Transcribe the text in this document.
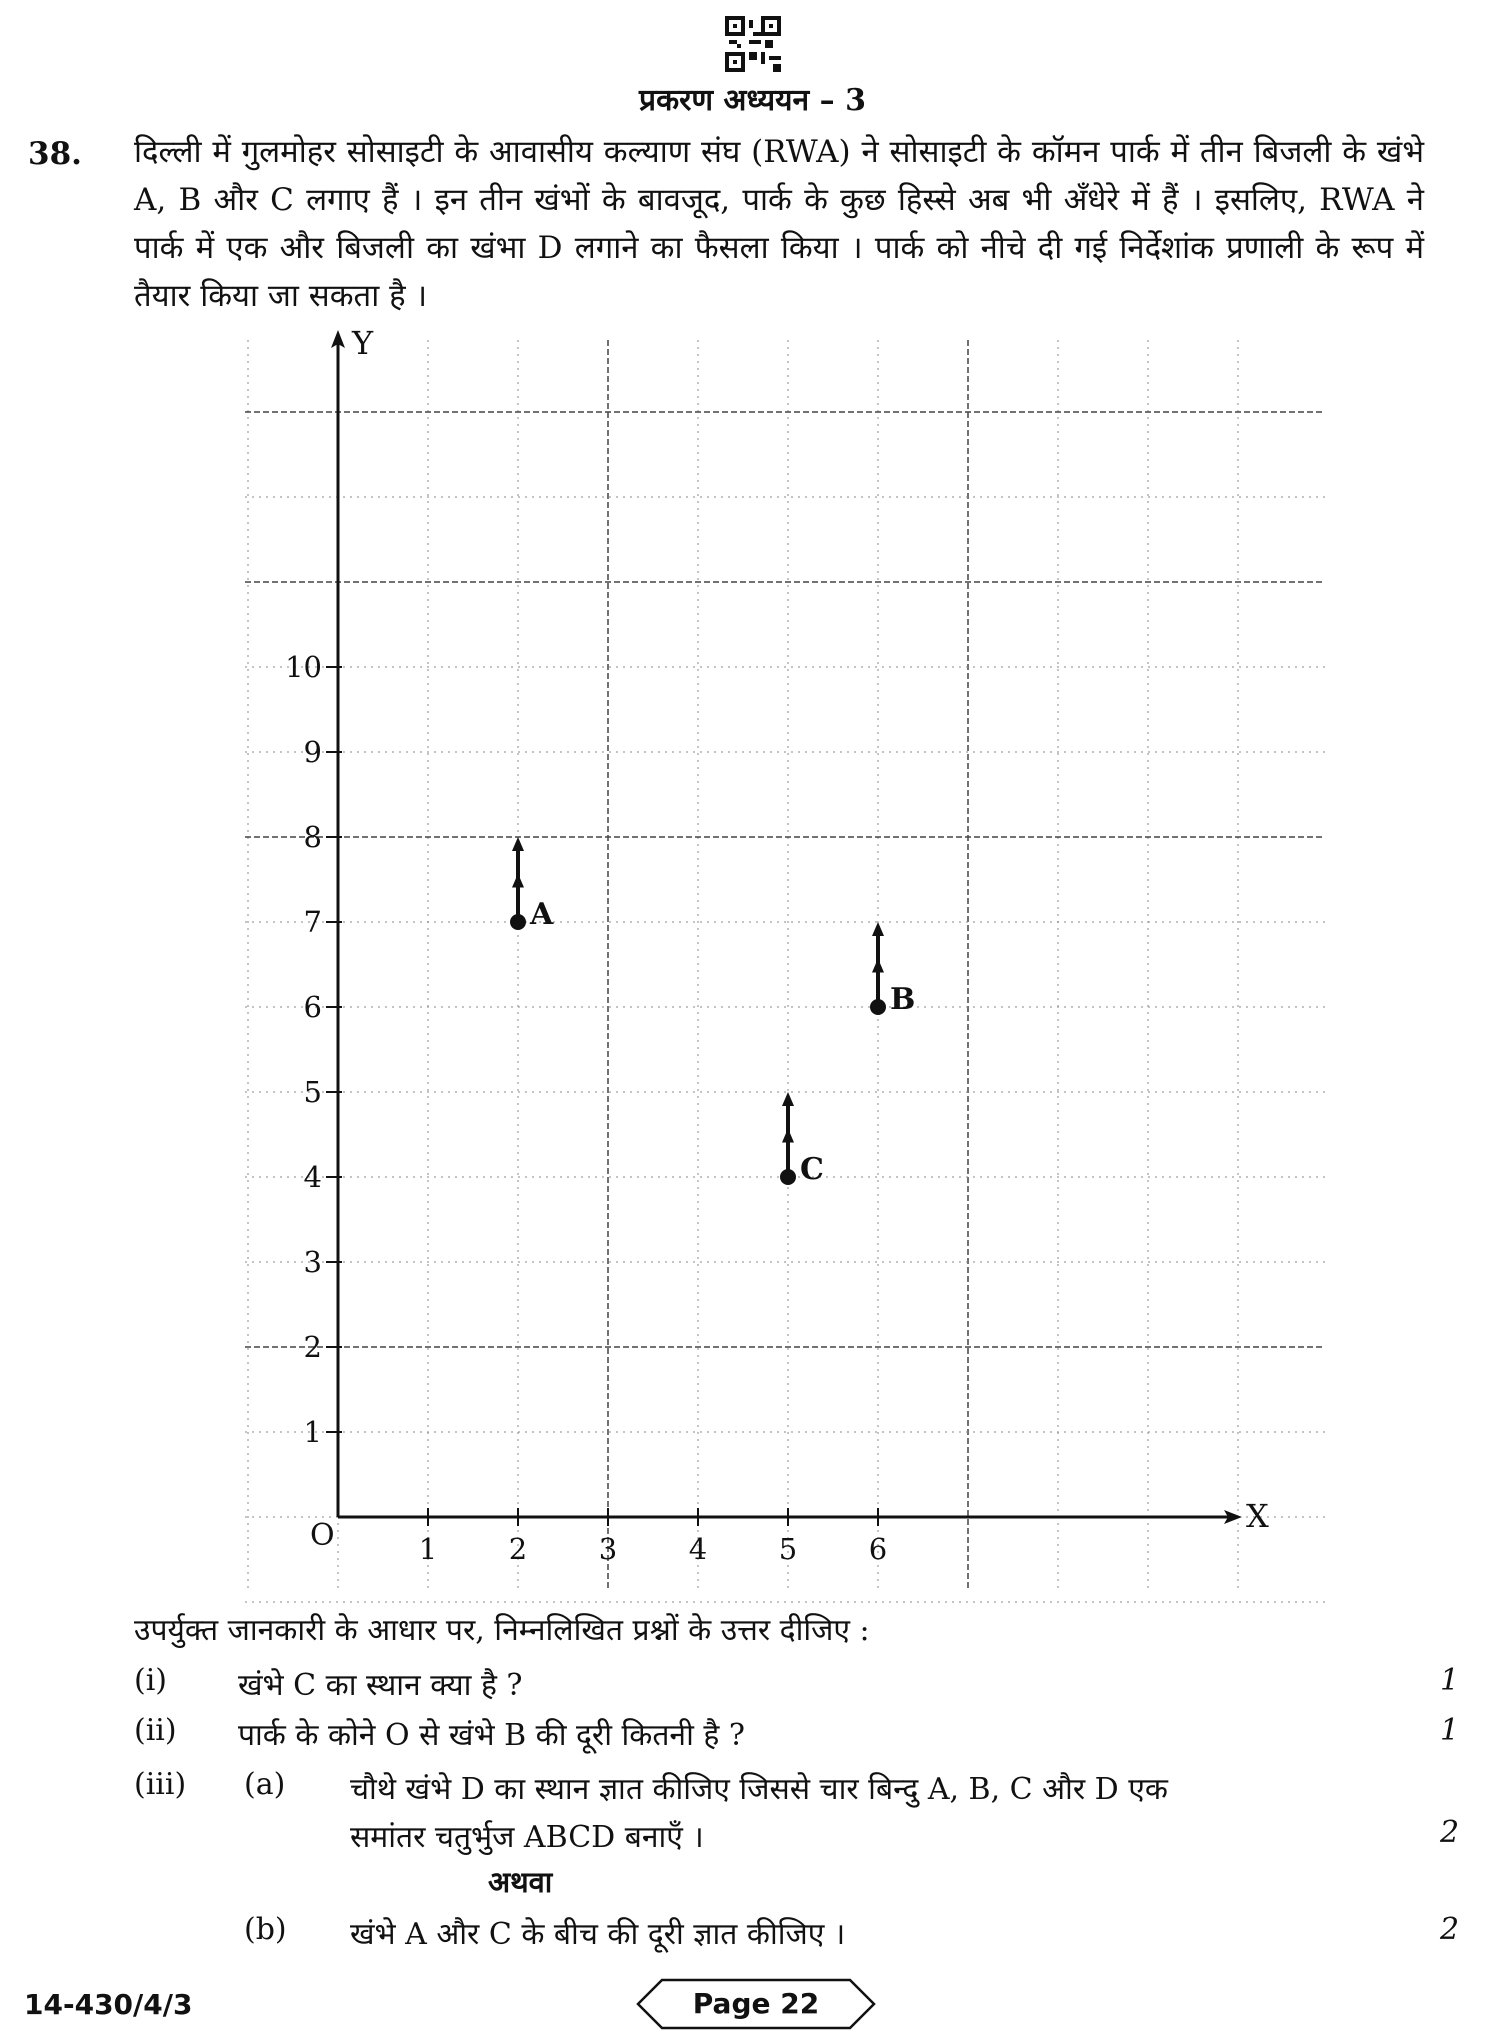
प्रकरण अध्ययन – 3
38. दिल्ली में गुलमोहर सोसाइटी के आवासीय कल्याण संघ (RWA) ने सोसाइटी के कॉमन पार्क में तीन बिजली के खंभे A, B और C लगाए हैं । इन तीन खंभों के बावजूद, पार्क के कुछ हिस्से अब भी अँधेरे में हैं । इसलिए, RWA ने पार्क में एक और बिजली का खंभा D लगाने का फैसला किया । पार्क को नीचे दी गई निर्देशांक प्रणाली के रूप में तैयार किया जा सकता है ।
X
Y
O	1 2 3 4 5 6
1
2
3
4
5
6
7
8
9
10
A
B
C
उपर्युक्त जानकारी के आधार पर, निम्नलिखित प्रश्नों के उत्तर दीजिए :
(i) खंभे C का स्थान क्या है ?	1
(ii) पार्क के कोने O से खंभे B की दूरी कितनी है ?	1
(iii) (a) चौथे खंभे D का स्थान ज्ञात कीजिए जिससे चार बिन्दु A, B, C और D एक
समांतर चतुर्भुज ABCD बनाएँ ।	2
अथवा
(b) खंभे A और C के बीच की दूरी ज्ञात कीजिए ।	2
14-430/4/3	Page 22
